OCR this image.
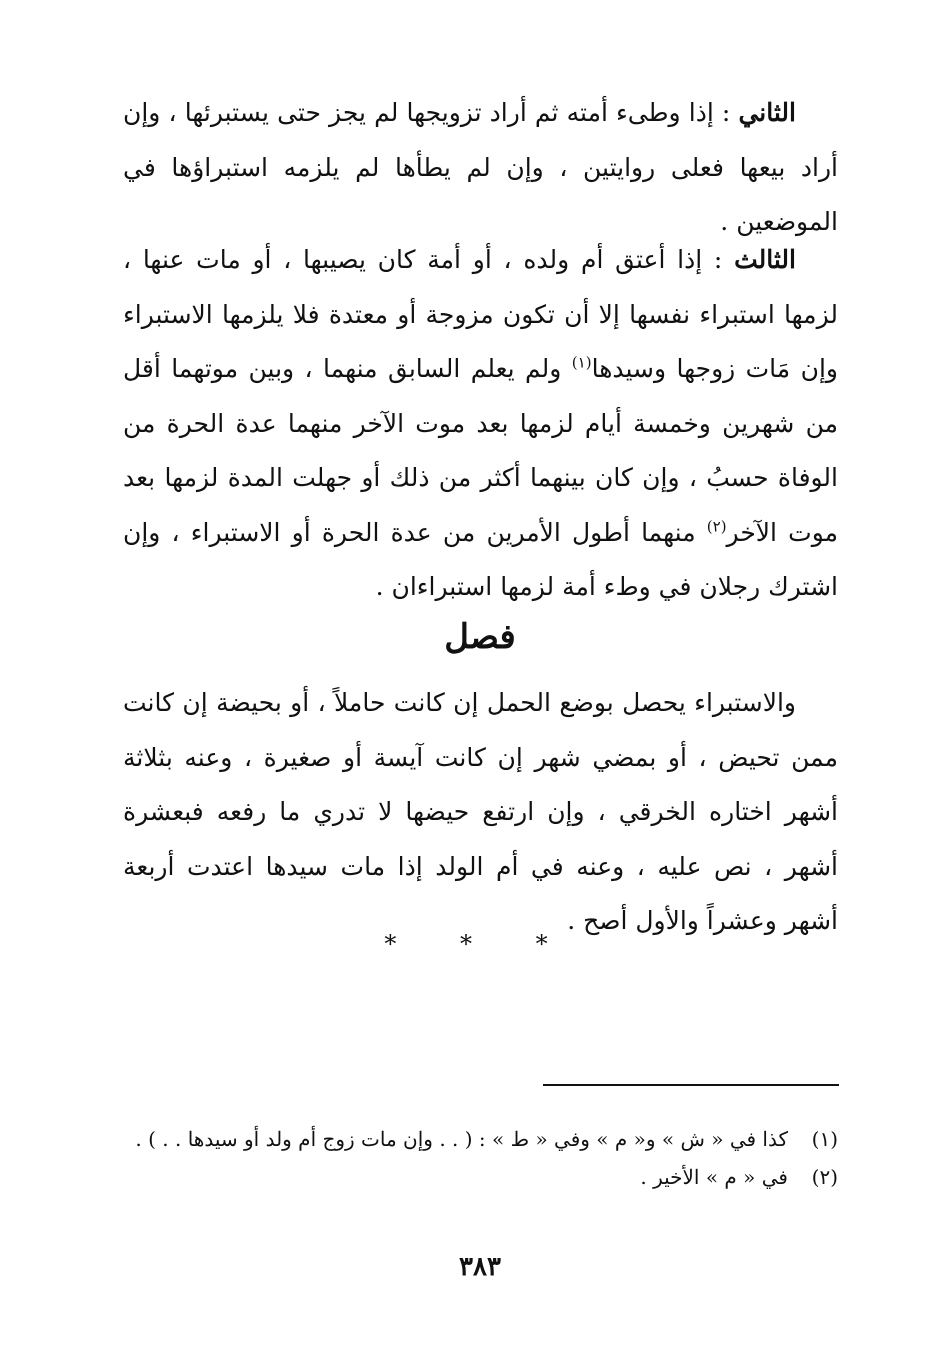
الثاني : إذا وطىء أمته ثم أراد تزويجها لم يجز حتى يستبرئها ، وإن أراد بيعها فعلى روايتين ، وإن لم يطأها لم يلزمه استبراؤها في الموضعين .

الثالث : إذا أعتق أم ولده ، أو أمة كان يصيبها ، أو مات عنها ، لزمها استبراء نفسها إلا أن تكون مزوجة أو معتدة فلا يلزمها الاستبراء وإن مَات زوجها وسيدها$^{(١)}$ ولم يعلم السابق منهما ، وبين موتهما أقل من شهرين وخمسة أيام لزمها بعد موت الآخر منهما عدة الحرة من الوفاة حسبُ ، وإن كان بينهما أكثر من ذلك أو جهلت المدة لزمها بعد موت الآخر$^{(٢)}$ منهما أطول الأمرين من عدة الحرة أو الاستبراء ، وإن اشترك رجلان في وطء أمة لزمها استبراءان .

فصل

والاستبراء يحصل بوضع الحمل إن كانت حاملاً ، أو بحيضة إن كانت ممن تحيض ، أو بمضي شهر إن كانت آيسة أو صغيرة ، وعنه بثلاثة أشهر اختاره الخرقي ، وإن ارتفع حيضها لا تدري ما رفعه فبعشرة أشهر ، نص عليه ، وعنه في أم الولد إذا مات سيدها اعتدت أربعة أشهر وعشراً والأول أصح .

* * *
(١)
كذا في « ش » و« م » وفي « ط » : ( . . وإن مات زوج أم ولد أو سيدها . . ) .
(٢)
في « م » الأخير .
٣٨٣
